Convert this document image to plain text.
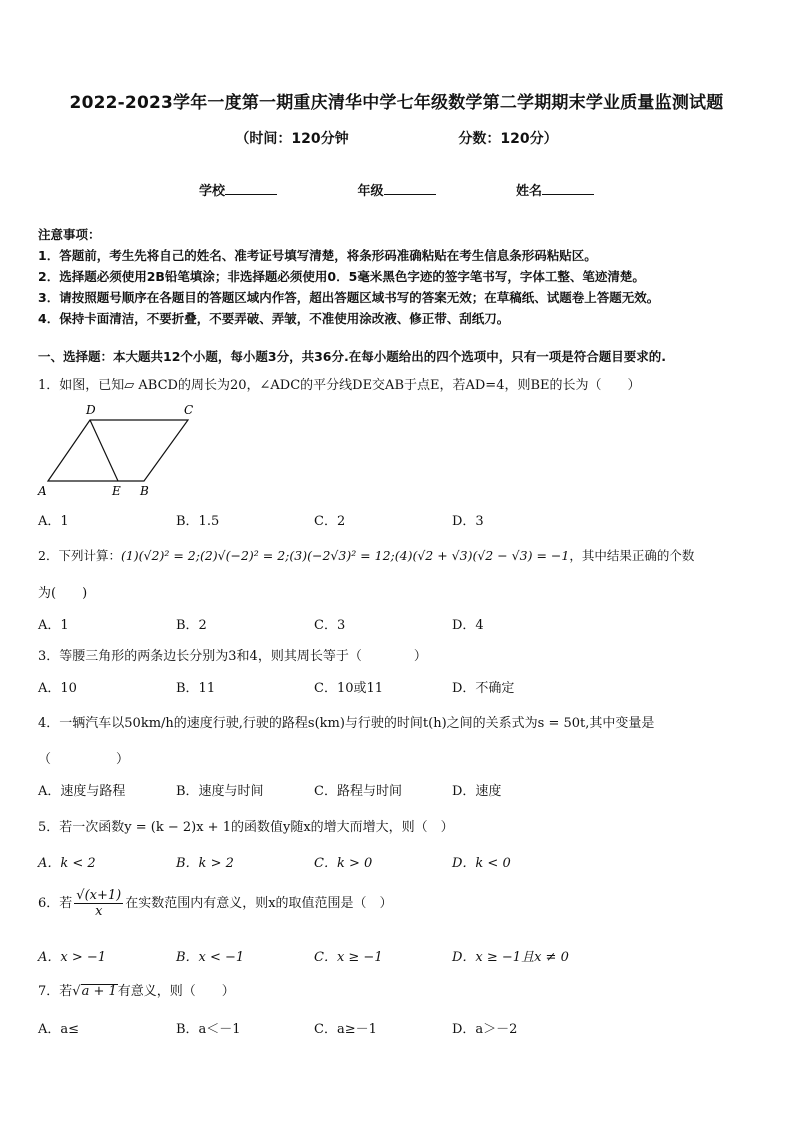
2022-2023学年一度第一期重庆清华中学七年级数学第二学期期末学业质量监测试题
（时间：120分钟	分数：120分）
学校	年级	姓名
注意事项：
1．答题前，考生先将自己的姓名、准考证号填写清楚，将条形码准确粘贴在考生信息条形码粘贴区。
2．选择题必须使用2B铅笔填涂；非选择题必须使用0．5毫米黑色字迹的签字笔书写，字体工整、笔迹清楚。
3．请按照题号顺序在各题目的答题区域内作答，超出答题区域书写的答案无效；在草稿纸、试题卷上答题无效。
4．保持卡面清洁，不要折叠，不要弄破、弄皱，不准使用涂改液、修正带、刮纸刀。
一、选择题：本大题共12个小题，每小题3分，共36分.在每小题给出的四个选项中，只有一项是符合题目要求的.
1．如图，已知▱ ABCD的周长为20，∠ADC的平分线DE交AB于点E，若AD=4，则BE的长为（　　）
D	C
A	E B
A．1	B．1.5	C．2	D．3
2．下列计算：(1)(√2)² = 2;(2)√(−2)² = 2;(3)(−2√3)² = 12;(4)(√2 + √3)(√2 − √3) = −1，其中结果正确的个数
为(　　)
A．1	B．2	C．3	D．4
3．等腰三角形的两条边长分别为3和4，则其周长等于（　　　　）
A．10	B．11	C．10或11	D．不确定
4．一辆汽车以50km/h的速度行驶,行驶的路程s(km)与行驶的时间t(h)之间的关系式为s = 50t,其中变量是
（　　　　　）
A．速度与路程	B．速度与时间	C．路程与时间	D．速度
5．若一次函数y = (k − 2)x + 1的函数值y随x的增大而增大，则（　）
A．k < 2	B．k > 2	C．k > 0	D．k < 0
6．若 $\frac{√(x+1)}{x}$ 在实数范围内有意义，则x的取值范围是（　）
A．x > −1	B．x < −1	C．x ≥ −1	D．x ≥ −1且x ≠ 0
7．若√a + 1有意义，则（　　）
A．a≤	B．a＜－1	C．a≥－1	D．a＞－2
